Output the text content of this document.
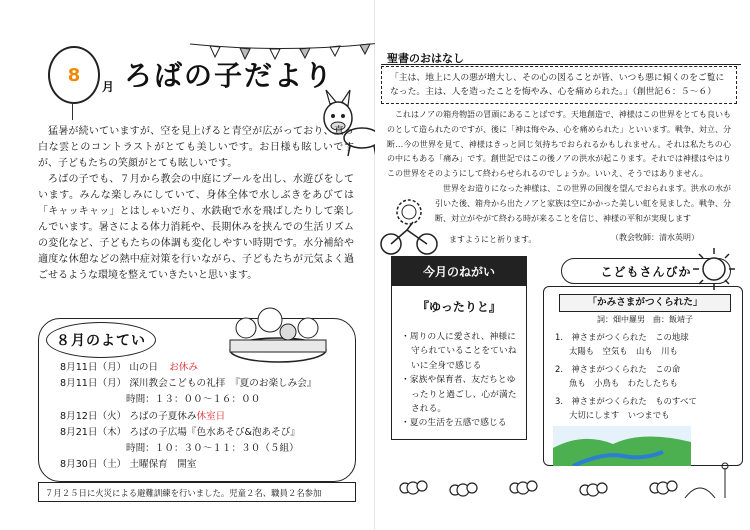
8
月 ろばの子だより

猛暑が続いていますが、空を見上げると青空が広がっており、真っ白な雲とのコントラストがとても美しいです。お日様も眩しいですが、子どもたちの笑顔がとても眩しいです。

ろばの子でも、７月から教会の中庭にプールを出し、水遊びをしています。みんな楽しみにしていて、身体全体で水しぶきをあびては「キャッキャッ」とはしゃいだり、水鉄砲で水を飛ばしたりして楽しんでいます。暑さによる体力消耗や、長期休みを挟んでの生活リズムの変化など、子どもたちの体調も変化しやすい時期です。水分補給や適度な休憩などの熱中症対策を行いながら、子どもたちが元気よく過ごせるような環境を整えていきたいと思います。

８月のよてい
8月11日（月） 山の日 お休み
8月11日（月） 深川教会こどもの礼拝　『夏のお楽しみ会』
時間：１３：００～１６：００
8月12日（火） ろばの子夏休み休室日
8月21日（木） ろばの子広場『色水あそび&泡あそび』
時間：１０：３０～１１：３０（５組）
8月30日（土） 土曜保育　開室
７月２５日に火災による避難訓練を行いました。児童２名、職員２名参加
聖書のおはなし
「主は、地上に人の悪が増大し、その心の図ることが皆、いつも悪に傾くのをご覧になった。主は、人を造ったことを悔やみ、心を痛められた。」（創世記６：５～６）

これはノアの箱舟物語の冒頭にあることばです。天地創造で、神様はこの世界をとても良いものとして造られたのですが、後に「神は悔やみ、心を痛められた」といいます。戦争、対立、分断…今の世界を見て、神様はきっと同じ気持ちでおられるかもしれません。それは私たちの心の中にもある「痛み」です。創世記ではこの後ノアの洪水が起こります。それでは神様はやはりこの世界をそのようにして終わらせられるのでしょうか。いいえ、そうではありません。

世界をお造りになった神様は、この世界の回復を望んでおられます。洪水の水が引いた後、箱舟から出たノアと家族は空にかかった美しい虹を見ました。戦争、分断、対立がやがて終わる時が来ることを信じ、神様の平和が実現します

ますようにと祈ります。	（教会牧師：清水英明）
今月のねがい
『ゆったりと』
・周りの人に愛され、神様に守られていることをていねいに全身で感じる
・家族や保育者、友だちとゆったりと過ごし、心が満たされる。
・夏の生活を五感で感じる
こどもさんびか
「かみさまがつくられた」
詞：畑中羅男　曲：飯靖子
1.　神さまがつくられた　この地球
太陽も　空気も　山も　川も
2.　神さまがつくられた　この命
魚も　小鳥も　わたしたちも
3.　神さまがつくられた　ものすべて
大切にします　いつまでも
